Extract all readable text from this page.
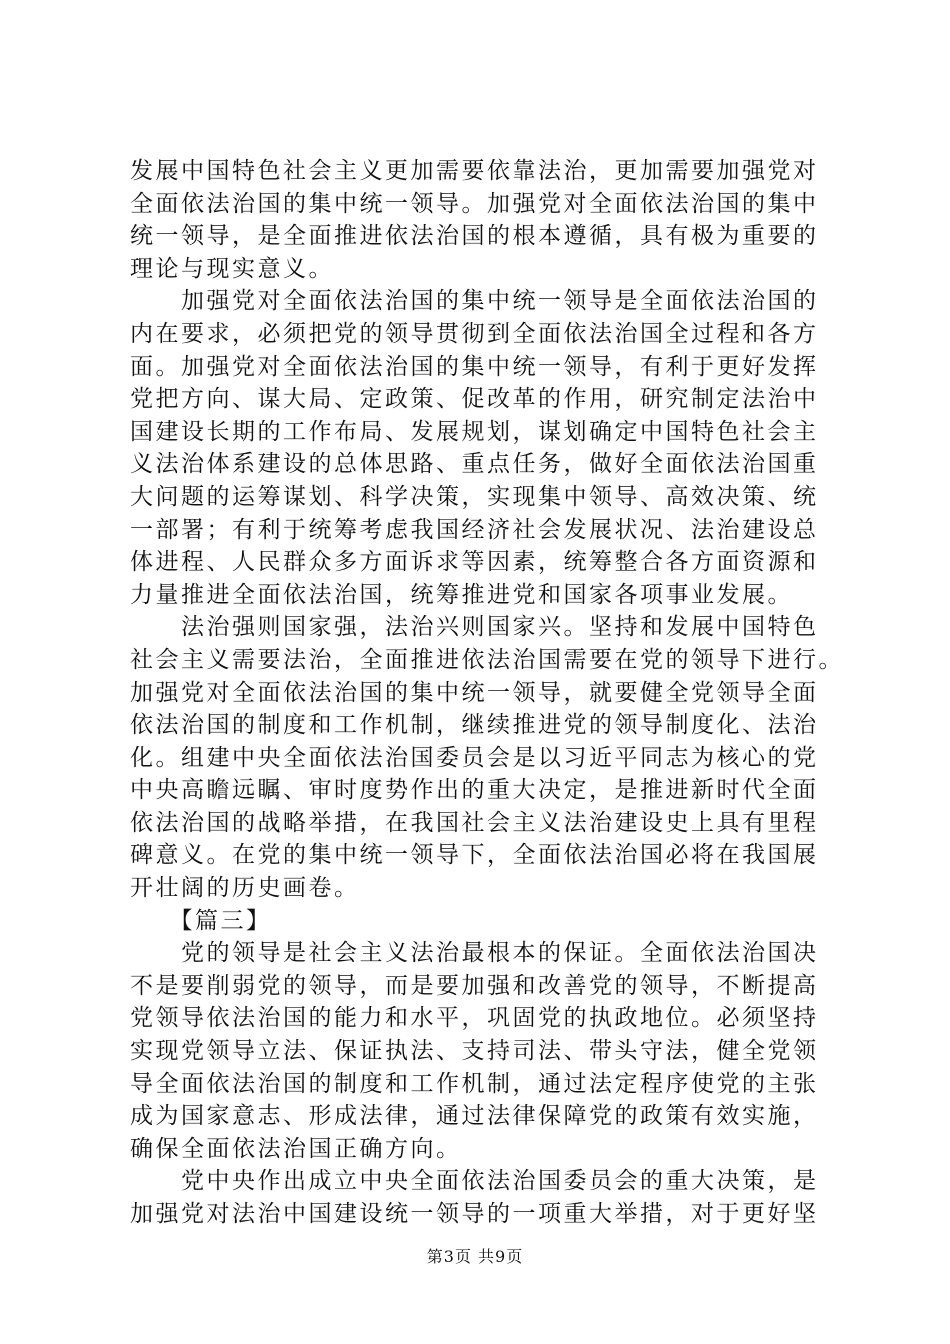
发展中国特色社会主义更加需要依靠法治，更加需要加强党对
全面依法治国的集中统一领导。加强党对全面依法治国的集中
统一领导，是全面推进依法治国的根本遵循，具有极为重要的
理论与现实意义。
　　加强党对全面依法治国的集中统一领导是全面依法治国的
内在要求，必须把党的领导贯彻到全面依法治国全过程和各方
面。加强党对全面依法治国的集中统一领导，有利于更好发挥
党把方向、谋大局、定政策、促改革的作用，研究制定法治中
国建设长期的工作布局、发展规划，谋划确定中国特色社会主
义法治体系建设的总体思路、重点任务，做好全面依法治国重
大问题的运筹谋划、科学决策，实现集中领导、高效决策、统
一部署；有利于统筹考虑我国经济社会发展状况、法治建设总
体进程、人民群众多方面诉求等因素，统筹整合各方面资源和
力量推进全面依法治国，统筹推进党和国家各项事业发展。
　　法治强则国家强，法治兴则国家兴。坚持和发展中国特色
社会主义需要法治，全面推进依法治国需要在党的领导下进行。
加强党对全面依法治国的集中统一领导，就要健全党领导全面
依法治国的制度和工作机制，继续推进党的领导制度化、法治
化。组建中央全面依法治国委员会是以习近平同志为核心的党
中央高瞻远瞩、审时度势作出的重大决定，是推进新时代全面
依法治国的战略举措，在我国社会主义法治建设史上具有里程
碑意义。在党的集中统一领导下，全面依法治国必将在我国展
开壮阔的历史画卷。
　　【篇三】
　　党的领导是社会主义法治最根本的保证。全面依法治国决
不是要削弱党的领导，而是要加强和改善党的领导，不断提高
党领导依法治国的能力和水平，巩固党的执政地位。必须坚持
实现党领导立法、保证执法、支持司法、带头守法，健全党领
导全面依法治国的制度和工作机制，通过法定程序使党的主张
成为国家意志、形成法律，通过法律保障党的政策有效实施，
确保全面依法治国正确方向。
　　党中央作出成立中央全面依法治国委员会的重大决策，是
加强党对法治中国建设统一领导的一项重大举措，对于更好坚
第3页 共9页
